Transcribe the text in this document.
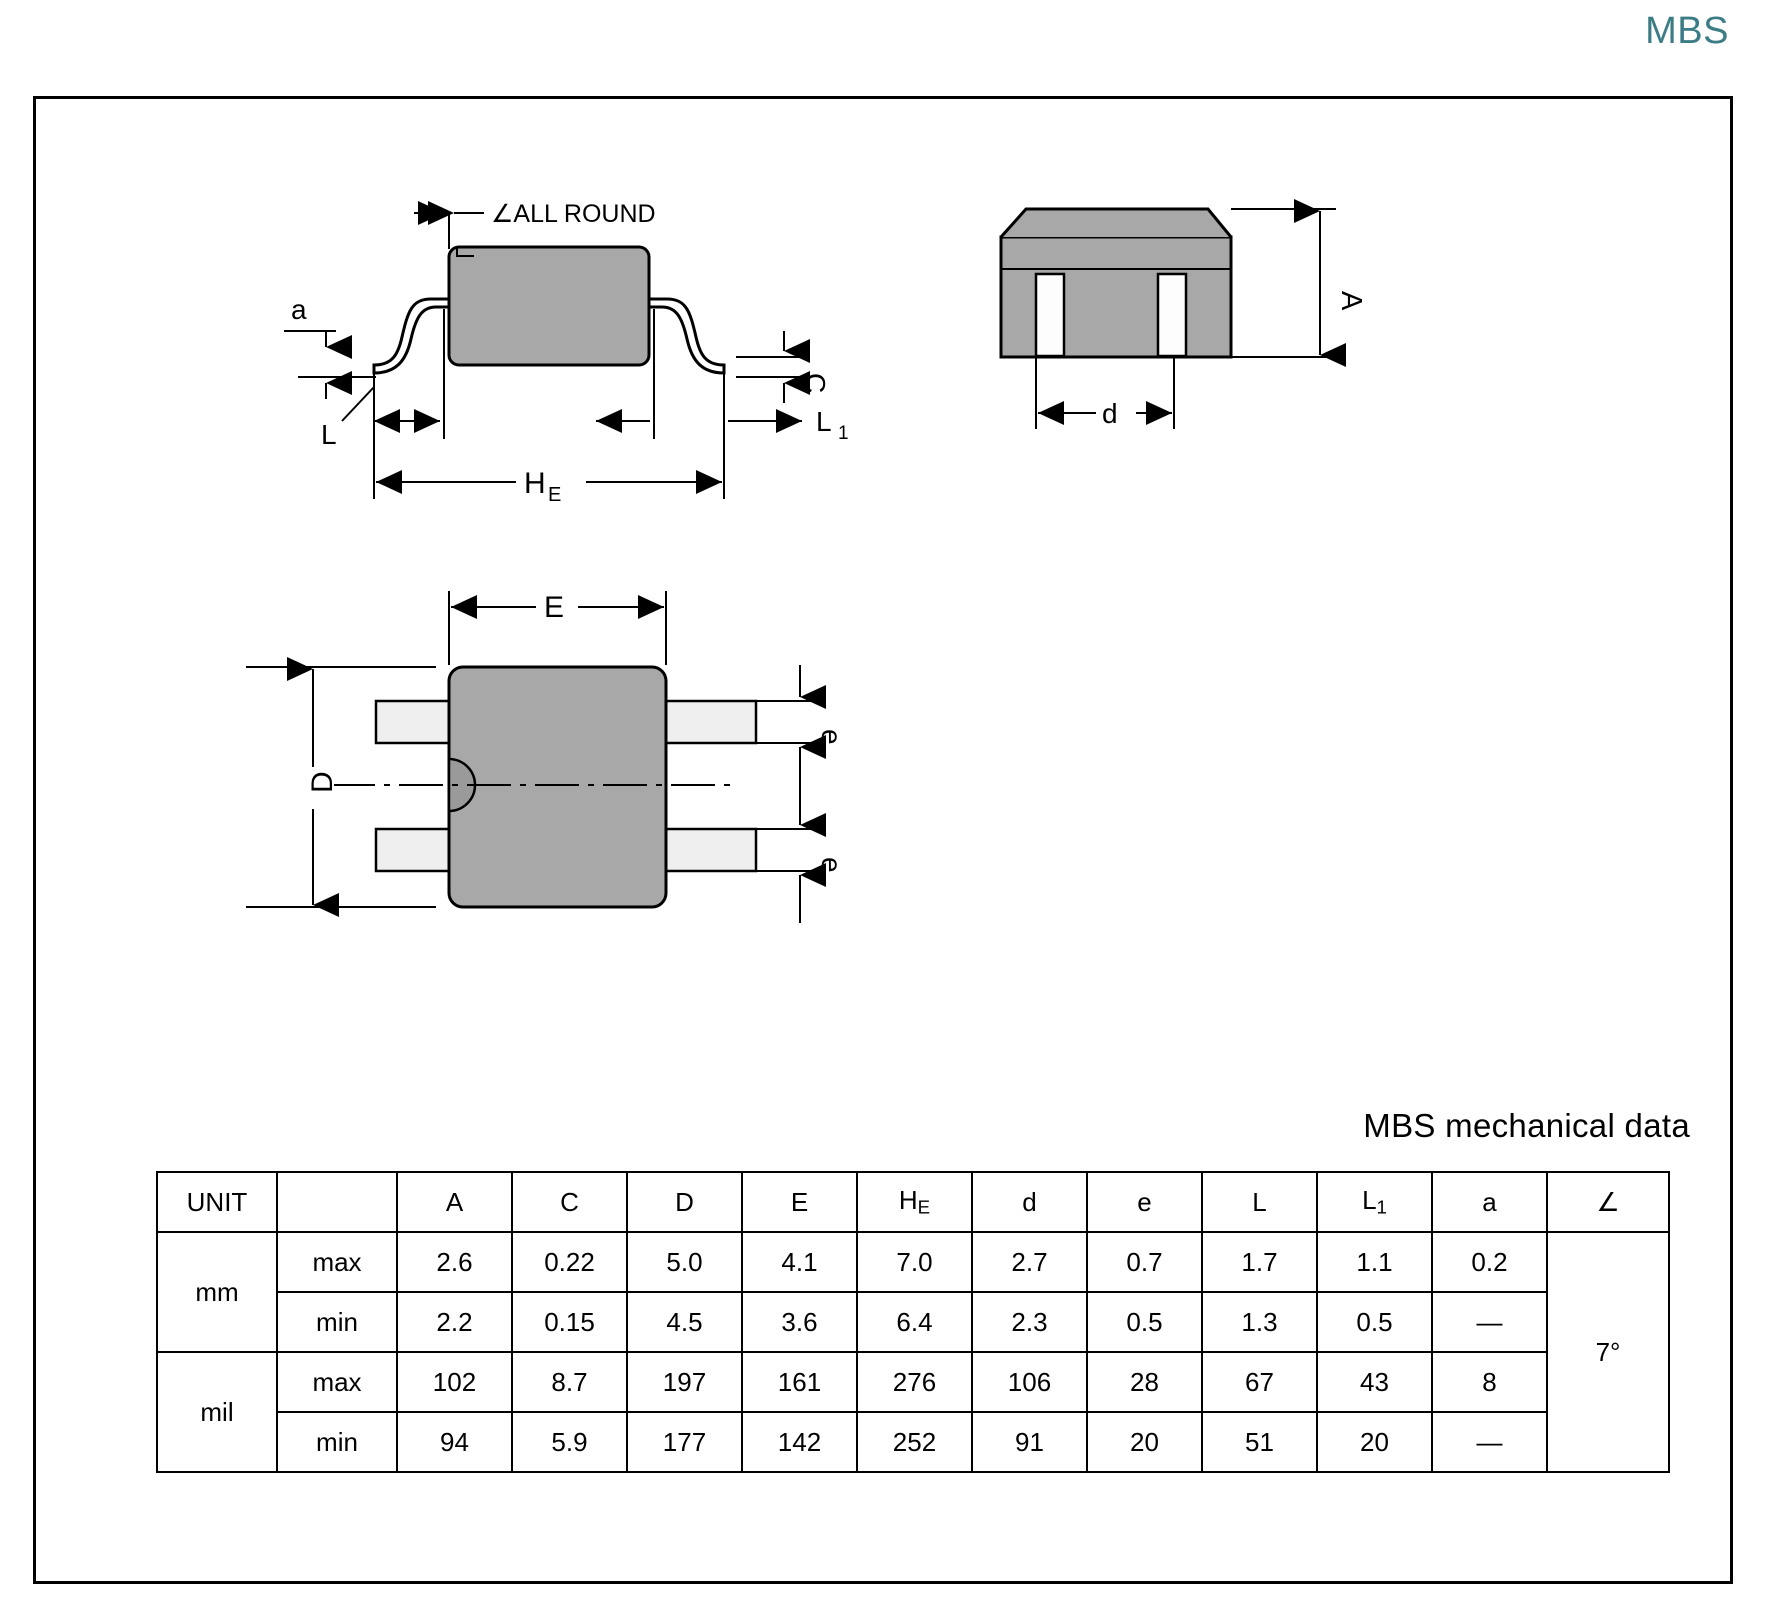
MBS
∠ALL ROUND
a
C
L	L 1
H E
A
d
E
D
e
e
MBS mechanical data
UNIT		A	C	D	E	$H_E$	d	e	L	$L_1$	a	∠
mm	max	2.6	0.22	5.0	4.1	7.0	2.7	0.7	1.7	1.1	0.2	7°
	min	2.2	0.15	4.5	3.6	6.4	2.3	0.5	1.3	0.5	—	
mil	max	102	8.7	197	161	276	106	28	67	43	8	
	min	94	5.9	177	142	252	91	20	51	20	—	
